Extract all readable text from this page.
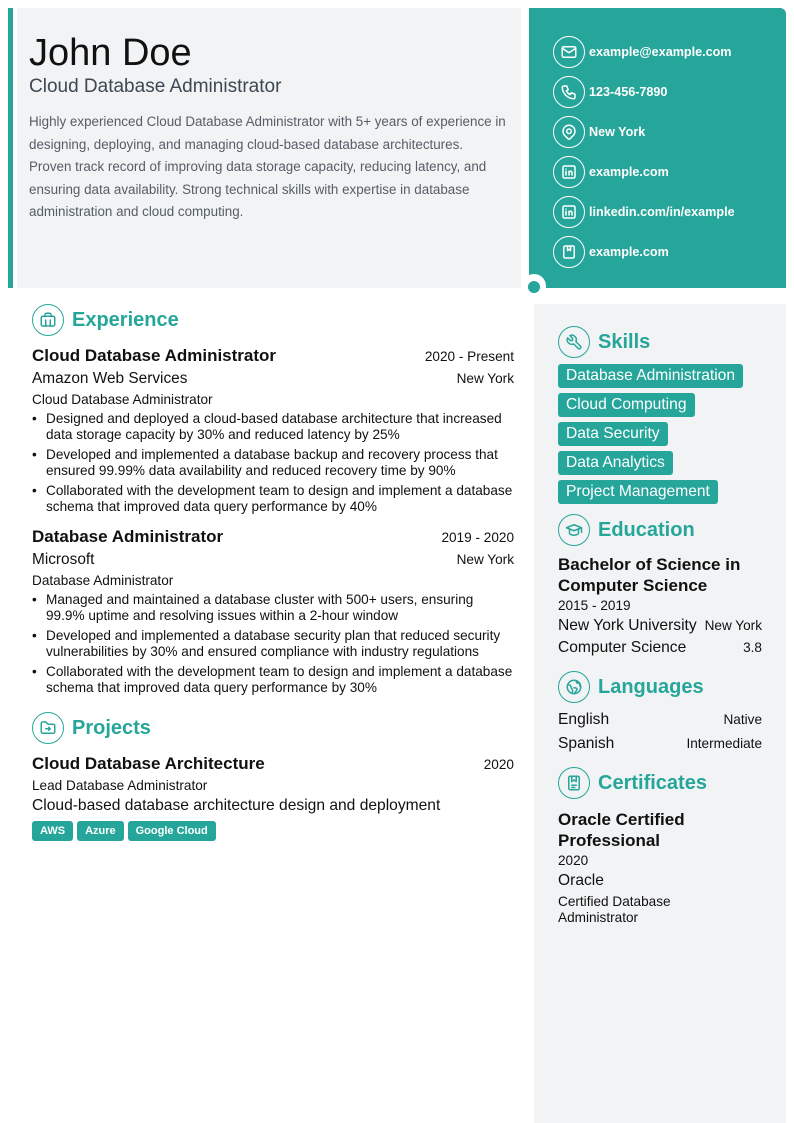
John Doe
Cloud Database Administrator
Highly experienced Cloud Database Administrator with 5+ years of experience in designing, deploying, and managing cloud-based database architectures. Proven track record of improving data storage capacity, reducing latency, and ensuring data availability. Strong technical skills with expertise in database administration and cloud computing.
example@example.com
123-456-7890
New York
example.com
linkedin.com/in/example
example.com
Experience
Cloud Database Administrator	2020 - Present
Amazon Web Services	New York
Cloud Database Administrator
• Designed and deployed a cloud-based database architecture that increased data storage capacity by 30% and reduced latency by 25%
• Developed and implemented a database backup and recovery process that ensured 99.99% data availability and reduced recovery time by 90%
• Collaborated with the development team to design and implement a database schema that improved data query performance by 40%
Database Administrator	2019 - 2020
Microsoft	New York
Database Administrator
• Managed and maintained a database cluster with 500+ users, ensuring 99.9% uptime and resolving issues within a 2-hour window
• Developed and implemented a database security plan that reduced security vulnerabilities by 30% and ensured compliance with industry regulations
• Collaborated with the development team to design and implement a database schema that improved data query performance by 30%
Projects
Cloud Database Architecture	2020
Lead Database Administrator
Cloud-based database architecture design and deployment
AWS Azure Google Cloud
Skills
Database Administration
Cloud Computing
Data Security
Data Analytics
Project Management
Education
Bachelor of Science in Computer Science
2015 - 2019
New York University New York
Computer Science	3.8
Languages
English	Native
Spanish	Intermediate
Certificates
Oracle Certified Professional
2020
Oracle
Certified Database Administrator
